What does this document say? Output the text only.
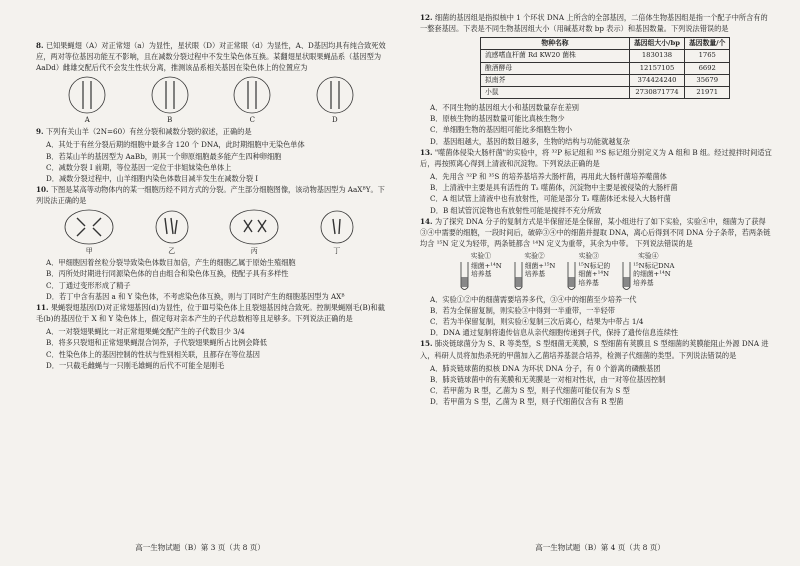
8. 已知果蝇翅（A）对正常翅（a）为显性，星状眼（D）对正常眼（d）为显性，A、D基因均具有纯合致死效应，两对等位基因功能互不影响，且在减数分裂过程中不发生染色体互换。某翻翅星状眼果蝇品系（基因型为 AaDd）雌雄交配后代不会发生性状分离，推测该品系相关基因在染色体上的位置应为
A	B	C	D
9. 下列有关山羊（2N=60）有丝分裂和减数分裂的叙述，正确的是
A．其处于有丝分裂后期的细胞中最多含 120 个 DNA，此时期细胞中无染色单体
B．若某山羊的基因型为 AaBb，则其一个卵原细胞最多能产生四种卵细胞
C．减数分裂 I 前期，等位基因一定位于非姐妹染色单体上
D．减数分裂过程中，山羊细胞内染色体数目减半发生在减数分裂 I
10. 下图是某高等动物体内的某一细胞历经不同方式的分裂。产生部分细胞图像，该动物基因型为 AaXᴮY。下列说法正确的是
甲	乙	丙	丁
A．甲细胞因着丝粒分裂导致染色体数目加倍，产生的细胞乙属于原始生殖细胞
B．丙所处时期进行同源染色体的自由组合和染色体互换，使配子具有多样性
C．丁通过变形形成了精子
D．若丁中含有基因 a 和 Y 染色体，不考虑染色体互换，则与丁同时产生的细胞基因型为 AXᴮ
11. 果蝇裂翅基因(D)对正常翅基因(d)为显性，位于Ⅲ号染色体上且裂翅基因纯合致死。控制果蝇刚毛(B)和截毛(b)的基因位于 X 和 Y 染色体上，假定每对亲本产生的子代总数相等且足够多。下列说法正确的是
A．一对裂翅果蝇比一对正常翅果蝇交配产生的子代数目少 3/4
B．将多只裂翅和正常翅果蝇混合饲养，子代裂翅果蝇所占比例会降低
C．性染色体上的基因控制的性状与性别相关联，且都存在等位基因
D．一只截毛雌蝇与一只刚毛雄蝇的后代不可能全是刚毛
高一生物试题（B）第 3 页（共 8 页）
12. 细菌的基因组是指拟核中 1 个环状 DNA 上所含的全部基因，二倍体生物基因组是指一个配子中所含有的一整套基因。下表是不同生物基因组大小（用碱基对数 bp 表示）和基因数量。下列说法错误的是
物种名称	基因组大小/bp	基因数量/个
流感嗜血杆菌 Rd KW20 菌株	1830138	1765
酿酒酵母	12157105	6692
拟南芥	374424240	35679
小鼠	2730871774	21971
A．不同生物的基因组大小和基因数量存在差别
B．原核生物的基因数量可能比真核生物少
C．单细胞生物的基因组可能比多细胞生物小
D．基因组越大，基因的数目越多，生物的结构与功能就越复杂
13. "噬菌体侵染大肠杆菌"的实验中，将 ³²P 标记组和 ³⁵S 标记组分别定义为 A 组和 B 组。经过搅拌时间适宜后，再按照离心得到上清液和沉淀物。下列说法正确的是
A．先用含 ³²P 和 ³⁵S 的培养基培养大肠杆菌，再用此大肠杆菌培养噬菌体
B．上清液中主要是具有活性的 T₂ 噬菌体，沉淀物中主要是被侵染的大肠杆菌
C．A 组试管上清液中也有放射性，可能是部分 T₂ 噬菌体还未侵入大肠杆菌
D．B 组试管沉淀物也有放射性可能是搅拌不充分所致
14. 为了探究 DNA 分子的复制方式是半保留还是全保留，某小组进行了如下实验，实验④中，细菌为了获得③④中需要的细胞，一段时间后，破碎③④中的细菌并提取 DNA，离心后得到不同 DNA 分子条带，若两条链均含 ¹⁵N 定义为轻带，两条链都含 ¹⁴N 定义为重带，其余为中带。 下列说法错误的是
实验①
细菌+¹⁴N
培养基
实验②
细菌+¹⁵N
培养基
实验③
¹⁵N标记的
细菌+¹⁴N
培养基
实验④
¹⁵N标记DNA
的细菌+¹⁴N
培养基
A．实验①②中的细菌需要培养多代，③④中的细菌至少培养一代
B．若为全保留复制，则实验③中得到一半重带，一半轻带
C．若为半保留复制，则实验④复制三次后离心，结果为中带占 1/4
D．DNA 通过复制将遗传信息从亲代细胞传递到子代，保持了遗传信息连续性
15. 肺炎链球菌分为 S、R 等类型，S 型细菌无荚膜，S 型细菌有荚膜且 S 型细菌的荚膜能阻止外源 DNA 进入，科研人员将加热杀死的甲菌加入乙菌培养基混合培养，检测子代细菌的类型。下列说法错误的是
A．肺炎链球菌的拟核 DNA 为环状 DNA 分子，有 0 个游离的磷酸基团
B．肺炎链球菌中的有荚膜和无荚膜是一对相对性状，由一对等位基因控制
C．若甲菌为 R 型，乙菌为 S 型，则子代细菌可能仅有为 S 型
D．若甲菌为 S 型，乙菌为 R 型，则子代细菌仅含有 R 型菌
高一生物试题（B）第 4 页（共 8 页）
